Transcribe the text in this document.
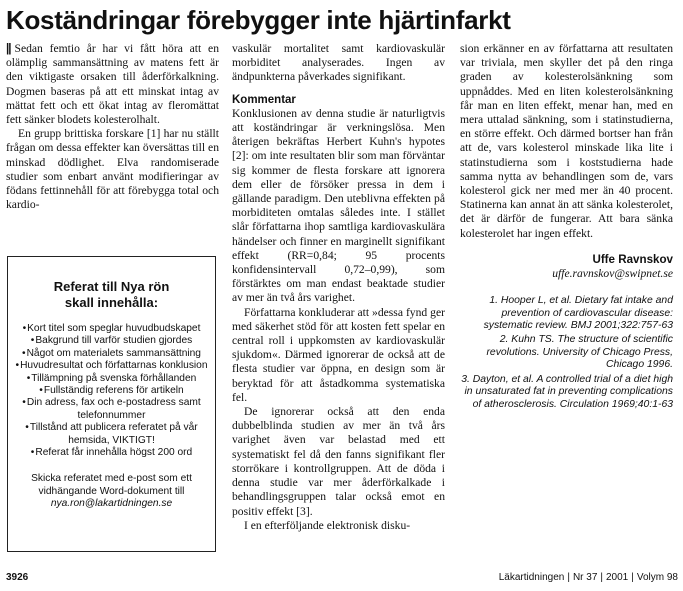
Koständringar förebygger inte hjärtinfarkt

|| Sedan femtio år har vi fått höra att en olämplig sammansättning av matens fett är den viktigaste orsaken till åderförkalkning. Dogmen baseras på att ett minskat intag av mättat fett och ett ökat intag av fleromättat fett sänker blodets kolesterolhalt.

En grupp brittiska forskare [1] har nu ställt frågan om dessa effekter kan översättas till en minskad dödlighet. Elva randomiserade studier som enbart använt modifieringar av födans fettinnehåll för att förebygga total och kardio-

Referat till Nya rön
skall innehålla:
• Kort titel som speglar huvudbudskapet
• Bakgrund till varför studien gjordes
• Något om materialets sammansättning
• Huvudresultat och författarnas konklusion
• Tillämpning på svenska förhållanden
• Fullständig referens för artikeln
• Din adress, fax och e-postadress samt telefonnummer
• Tillstånd att publicera referatet på vår hemsida, VIKTIGT!
• Referat får innehålla högst 200 ord
Skicka referatet med e-post som ett vidhängande Word-dokument till
nya.ron@lakartidningen.se

vaskulär mortalitet samt kardiovaskulär morbiditet analyserades. Ingen av ändpunkterna påverkades signifikant.

Kommentar

Konklusionen av denna studie är naturligtvis att koständringar är verkningslösa. Men återigen bekräftas Herbert Kuhn's hypotes [2]: om inte resultaten blir som man förväntar sig kommer de flesta forskare att ignorera dem eller de försöker pressa in dem i gällande paradigm. Den uteblivna effekten på morbiditeten omtalas således inte. I stället slår författarna ihop samtliga kardiovaskulära händelser och finner en marginellt signifikant effekt (RR=0,84; 95 procents konfidensintervall 0,72–0,99), som förstärktes om man endast beaktade studier av mer än två års varighet.

Författarna konkluderar att »dessa fynd ger med säkerhet stöd för att kosten fett spelar en central roll i uppkomsten av kardiovaskulär sjukdom«. Därmed ignorerar de också att de flesta studier var öppna, en design som är beryktad för att åstadkomma systematiska fel.

De ignorerar också att den enda dubbelblinda studien av mer än två års varighet även var belastad med ett systematiskt fel då den fanns signifikant fler storrökare i kontrollgruppen. Att de döda i denna studie var mer åderförkalkade i behandlingsgruppen talar också emot en positiv effekt [3].

I en efterföljande elektronisk disku-

sion erkänner en av författarna att resultaten var triviala, men skyller det på den ringa graden av kolesterolsänkning som uppnåddes. Med en liten kolesterolsänkning får man en liten effekt, menar han, med en mera uttalad sänkning, som i statinstudierna, en större effekt. Och därmed bortser han från att de, vars kolesterol minskade lika lite i statinstudierna som i koststudierna hade samma nytta av behandlingen som de, vars kolesterol gick ner med mer än 40 procent. Statinerna kan annat än att sänka kolesterolet, det är därför de fungerar. Att bara sänka kolesterolet har ingen effekt.

Uffe Ravnskov
uffe.ravnskov@swipnet.se
1. Hooper L, et al. Dietary fat intake and prevention of cardiovascular disease: systematic review. BMJ 2001;322:757-63
2. Kuhn TS. The structure of scientific revolutions. University of Chicago Press, Chicago 1996.
3. Dayton, et al. A controlled trial of a diet high in unsaturated fat in preventing complications of atherosclerosis. Circulation 1969;40:1-63
3926	Läkartidningen | Nr 37 | 2001 | Volym 98
